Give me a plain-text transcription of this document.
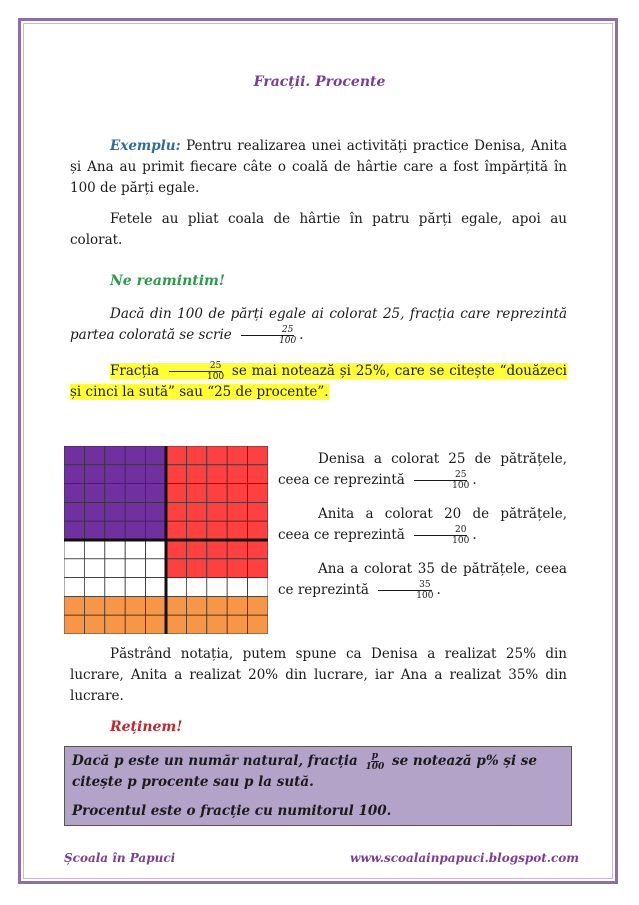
Fracții. Procente
Exemplu: Pentru realizarea unei activități practice Denisa, Anita și Ana au primit fiecare câte o coală de hârtie care a fost împărțită în 100 de părți egale.
Fetele au pliat coala de hârtie în patru părți egale, apoi au colorat.
Ne reamintim!
Dacă din 100 de părți egale ai colorat 25, fracția care reprezintă partea colorată se scrie $\frac{25}{100}$ .
Fracția $\frac{25}{100}$ se mai notează și 25%, care se citește “douăzeci și cinci la sută” sau “25 de procente”.
Denisa a colorat 25 de pătrățele, ceea ce reprezintă $\frac{25}{100}$ .
Anita a colorat 20 de pătrățele, ceea ce reprezintă $\frac{20}{100}$ .
Ana a colorat 35 de pătrățele, ceea ce reprezintă $\frac{35}{100}$ .
Păstrând notația, putem spune ca Denisa a realizat 25% din lucrare, Anita a realizat 20% din lucrare, iar Ana a realizat 35% din lucrare.
Reținem!

Dacă p este un număr natural, fracția $\frac{p}{100}$ se notează p% și se citește p procente sau p la sută.

Procentul este o fracție cu numitorul 100.

Școala în Papuci	www.scoalainpapuci.blogspot.com
